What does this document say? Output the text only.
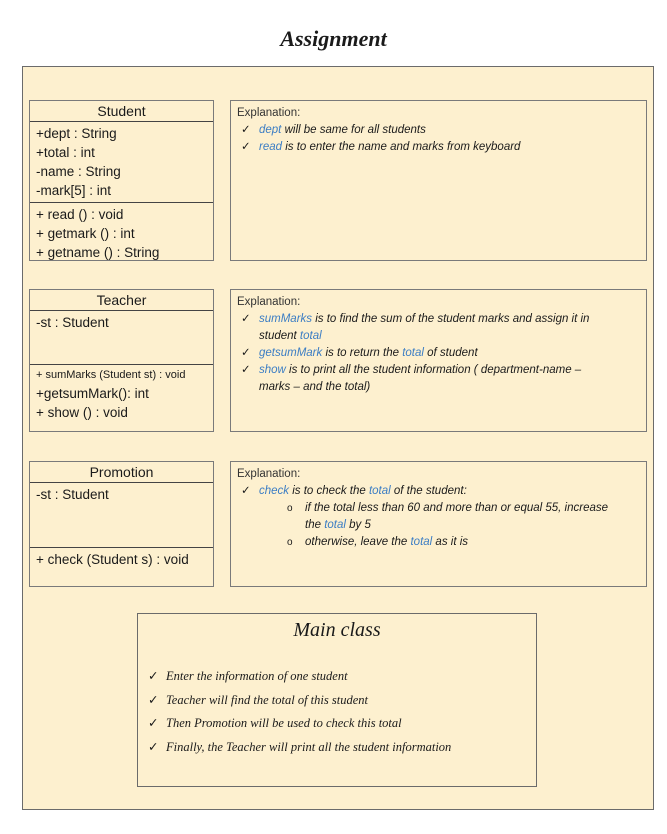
Assignment
Student
+dept : String
+total : int
-name : String
-mark[5] : int
+ read () : void
+ getmark () : int
+ getname () : String
Explanation:
✓ dept will be same for all students
✓ read is to enter the name and marks from keyboard
Teacher
-st : Student
+ sumMarks (Student st) : void
+getsumMark(): int
+ show () : void
Explanation:
✓ sumMarks is to find the sum of the student marks and assign it in
student total
✓ getsumMark is to return the total of student
✓ show is to print all the student information ( department-name –
marks – and the total)
Promotion
-st : Student
+ check (Student s) : void
Explanation:
✓ check is to check the total of the student:
o if the total less than 60 and more than or equal 55, increase
the total by 5
o otherwise, leave the total as it is
Main class
✓ Enter the information of one student
✓ Teacher will find the total of this student
✓ Then Promotion will be used to check this total
✓ Finally, the Teacher will print all the student information
